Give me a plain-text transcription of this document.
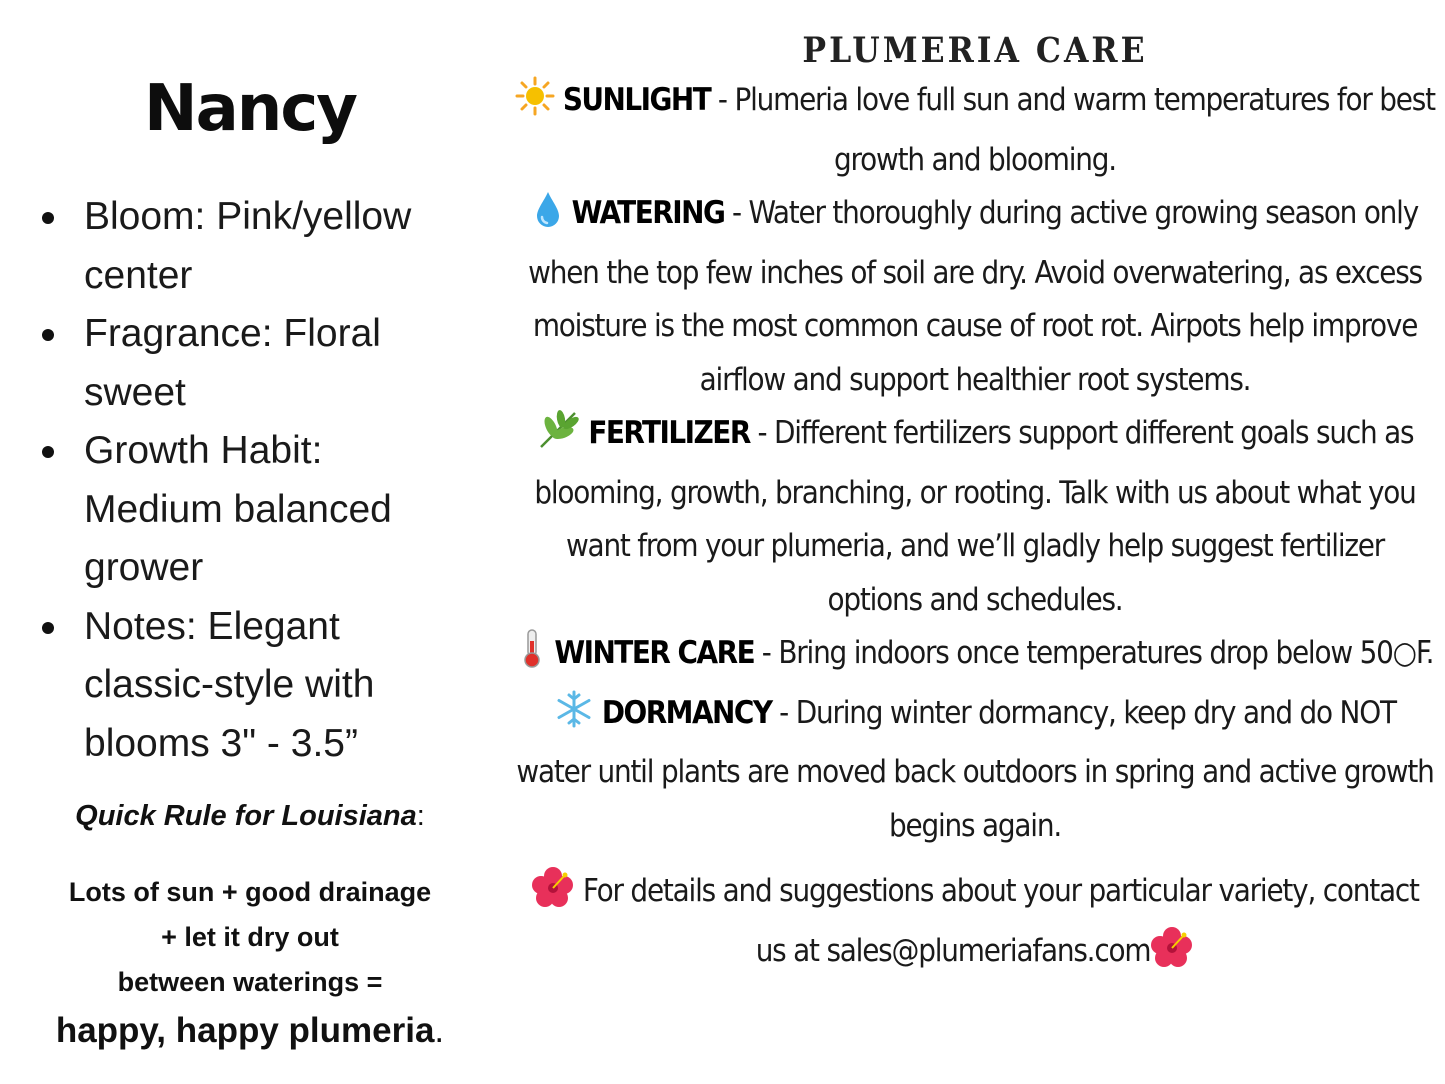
Nancy
Bloom: Pink/yellow center
Fragrance: Floral sweet
Growth Habit: Medium balanced grower
Notes: Elegant classic-style with blooms 3" - 3.5”
Quick Rule for Louisiana:
Lots of sun + good drainage
+ let it dry out
between waterings =
happy, happy plumeria.
PLUMERIA CARE

SUNLIGHT - Plumeria love full sun and warm temperatures for best growth and blooming.

WATERING - Water thoroughly during active growing season only when the top few inches of soil are dry. Avoid overwatering, as excess moisture is the most common cause of root rot. Airpots help improve airflow and support healthier root systems.

FERTILIZER - Different fertilizers support different goals such as blooming, growth, branching, or rooting. Talk with us about what you want from your plumeria, and we’ll gladly help suggest fertilizer options and schedules.

WINTER CARE - Bring indoors once temperatures drop below 50○F.

DORMANCY - During winter dormancy, keep dry and do NOT water until plants are moved back outdoors in spring and active growth begins again.

For details and suggestions about your particular variety, contact us at sales@plumeriafans.com
